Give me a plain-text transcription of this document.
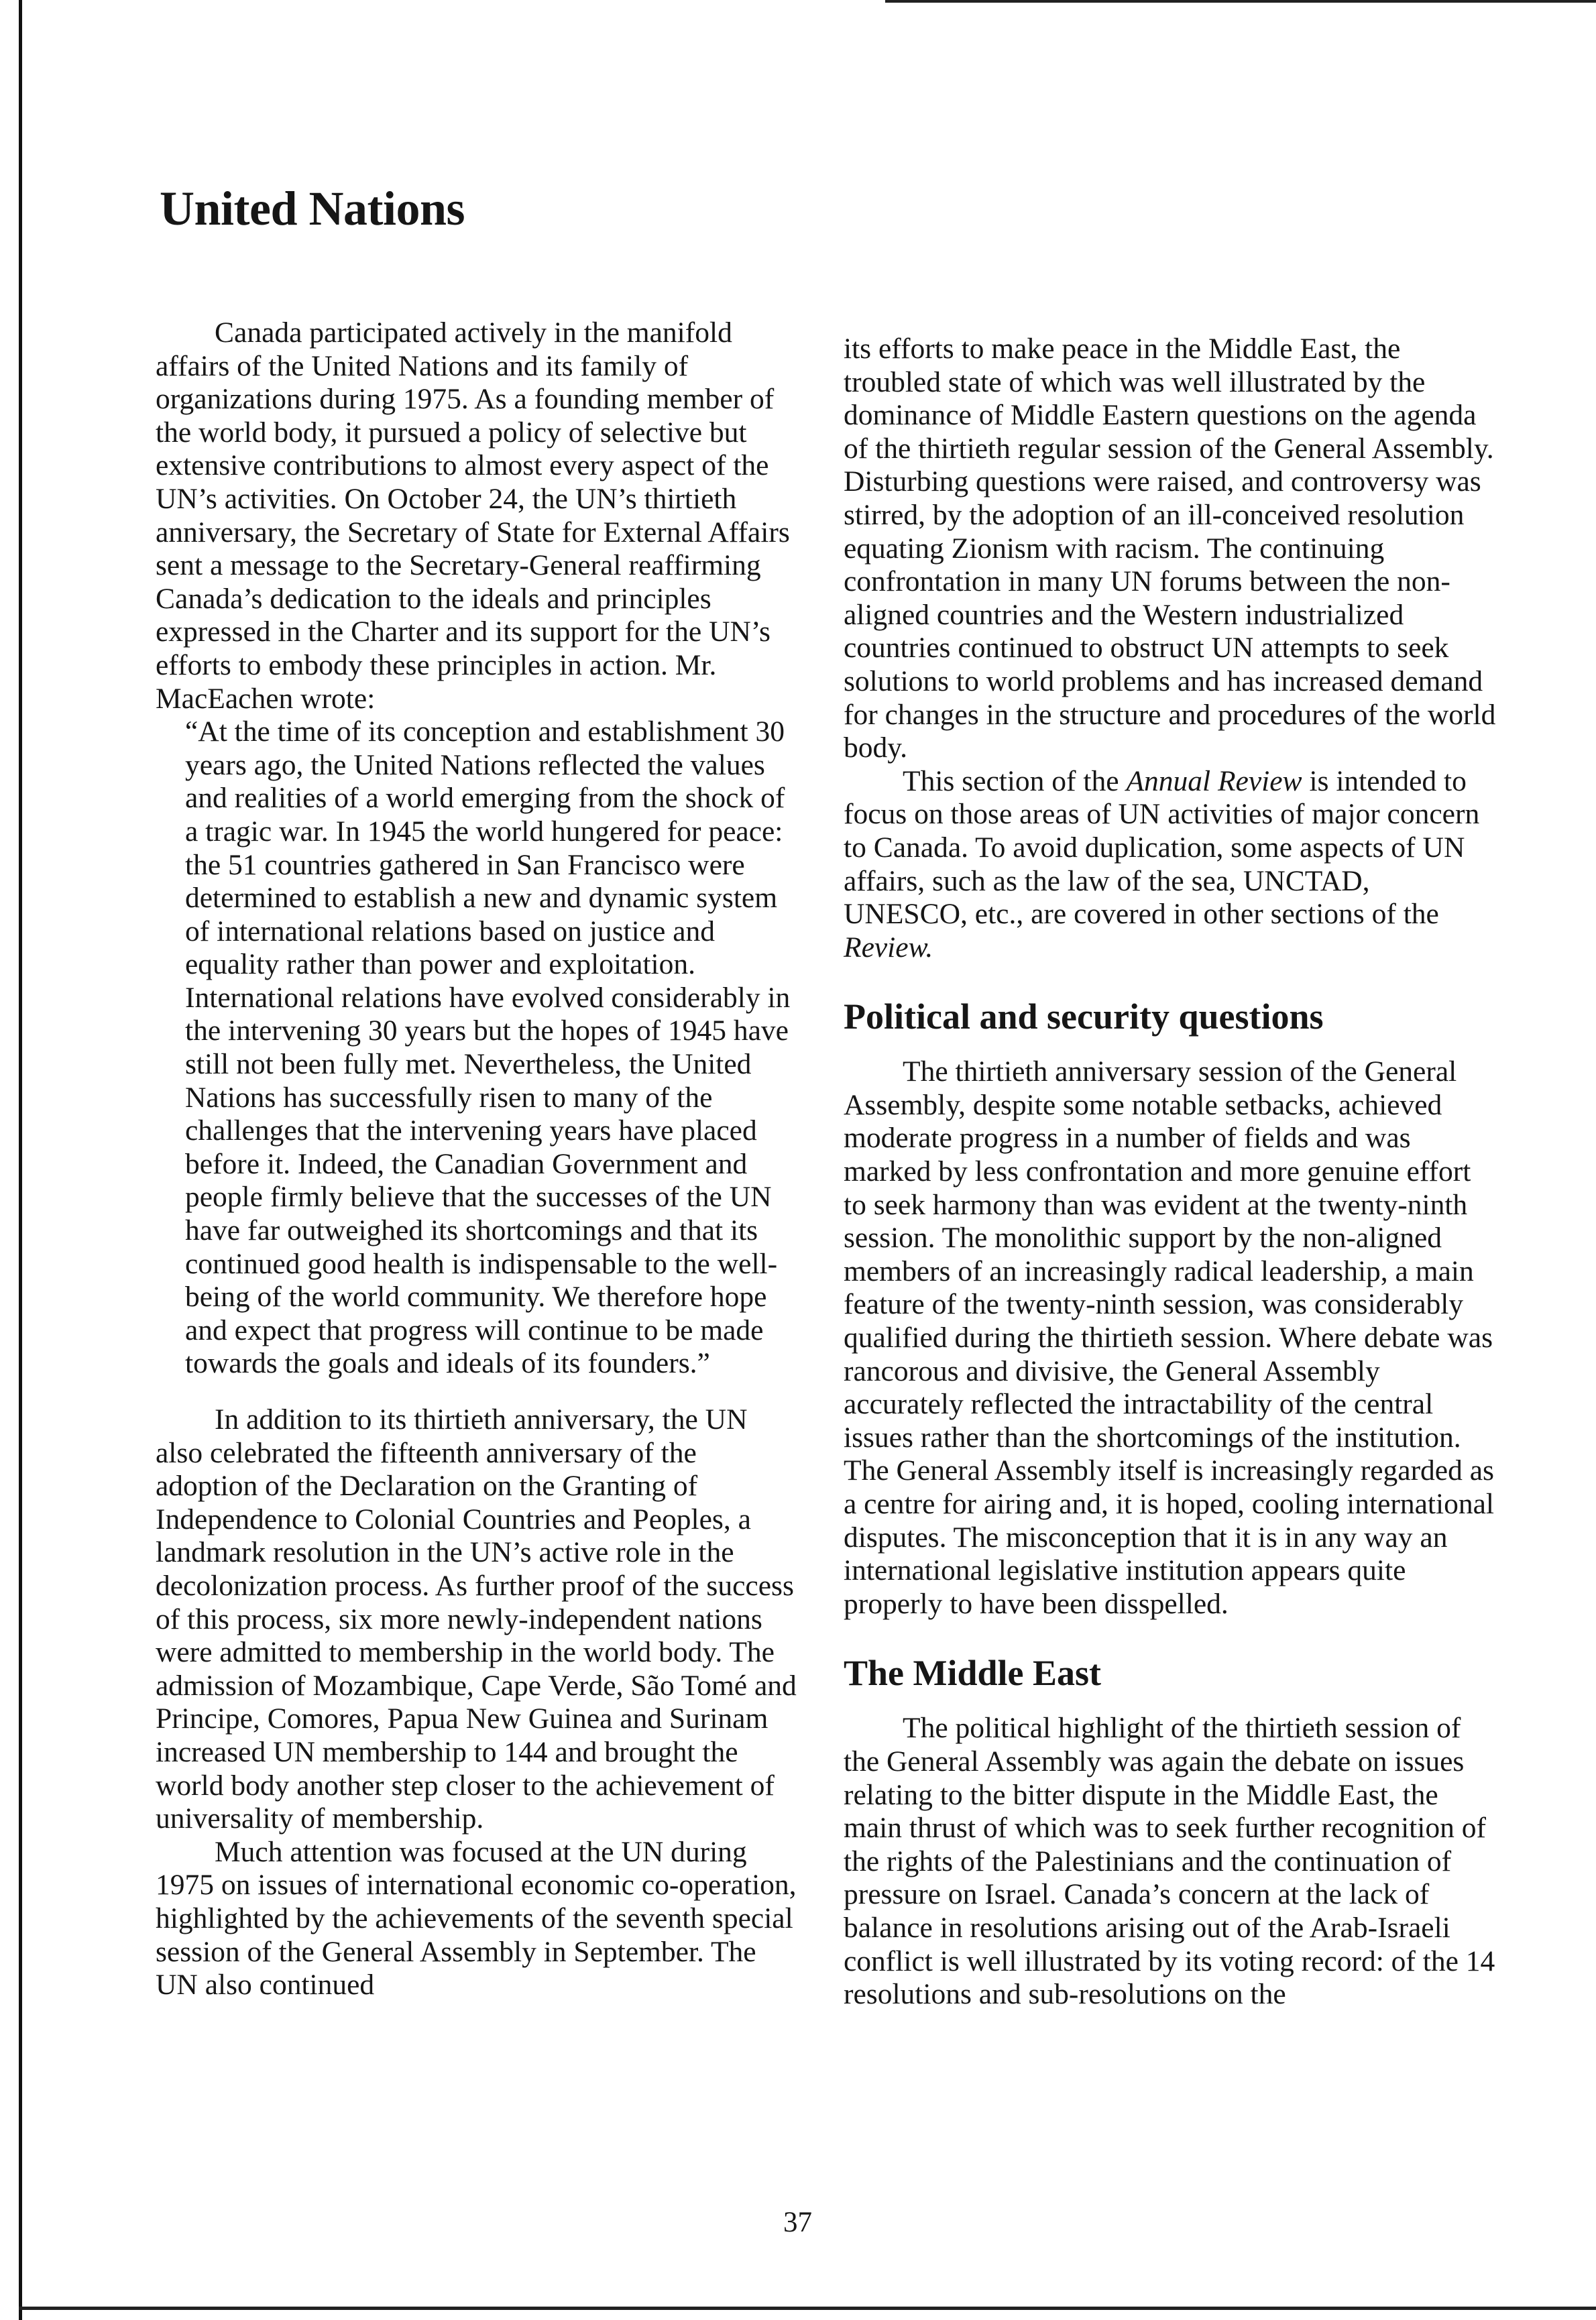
United Nations

Canada participated actively in the manifold affairs of the United Nations and its family of organizations during 1975. As a founding member of the world body, it pursued a policy of selective but extensive contributions to almost every aspect of the UN’s activities. On October 24, the UN’s thirtieth anniversary, the Secretary of State for External Affairs sent a message to the Secretary-General reaffirming Canada’s dedication to the ideals and principles expressed in the Charter and its support for the UN’s efforts to embody these principles in action. Mr. MacEachen wrote:

“At the time of its conception and establishment 30 years ago, the United Nations reflected the values and realities of a world emerging from the shock of a tragic war. In 1945 the world hungered for peace: the 51 countries gathered in San Francisco were determined to establish a new and dynamic system of international relations based on justice and equality rather than power and exploitation. International relations have evolved considerably in the intervening 30 years but the hopes of 1945 have still not been fully met. Nevertheless, the United Nations has successfully risen to many of the challenges that the intervening years have placed before it. Indeed, the Canadian Government and people firmly believe that the successes of the UN have far outweighed its shortcomings and that its continued good health is indispensable to the well-being of the world community. We therefore hope and expect that progress will continue to be made towards the goals and ideals of its founders.”

In addition to its thirtieth anniversary, the UN also celebrated the fifteenth anniversary of the adoption of the Declaration on the Granting of Independence to Colonial Countries and Peoples, a landmark resolution in the UN’s active role in the decolonization process. As further proof of the success of this process, six more newly-independent nations were admitted to membership in the world body. The admission of Mozambique, Cape Verde, São Tomé and Principe, Comores, Papua New Guinea and Surinam increased UN membership to 144 and brought the world body another step closer to the achievement of universality of membership.

Much attention was focused at the UN during 1975 on issues of international economic co-operation, highlighted by the achievements of the seventh special session of the General Assembly in September. The UN also continued

its efforts to make peace in the Middle East, the troubled state of which was well illustrated by the dominance of Middle Eastern questions on the agenda of the thirtieth regular session of the General Assembly. Disturbing questions were raised, and controversy was stirred, by the adoption of an ill-conceived resolution equating Zionism with racism. The continuing confrontation in many UN forums between the non-aligned countries and the Western industrialized countries continued to obstruct UN attempts to seek solutions to world problems and has increased demand for changes in the structure and procedures of the world body.

This section of the Annual Review is intended to focus on those areas of UN activities of major concern to Canada. To avoid duplication, some aspects of UN affairs, such as the law of the sea, UNCTAD, UNESCO, etc., are covered in other sections of the Review.

Political and security questions

The thirtieth anniversary session of the General Assembly, despite some notable setbacks, achieved moderate progress in a number of fields and was marked by less confrontation and more genuine effort to seek harmony than was evident at the twenty-ninth session. The monolithic support by the non-aligned members of an increasingly radical leadership, a main feature of the twenty-ninth session, was considerably qualified during the thirtieth session. Where debate was rancorous and divisive, the General Assembly accurately reflected the intractability of the central issues rather than the shortcomings of the institution. The General Assembly itself is increasingly regarded as a centre for airing and, it is hoped, cooling international disputes. The misconception that it is in any way an international legislative institution appears quite properly to have been disspelled.

The Middle East

The political highlight of the thirtieth session of the General Assembly was again the debate on issues relating to the bitter dispute in the Middle East, the main thrust of which was to seek further recognition of the rights of the Palestinians and the continuation of pressure on Israel. Canada’s concern at the lack of balance in resolutions arising out of the Arab-Israeli conflict is well illustrated by its voting record: of the 14 resolutions and sub-resolutions on the

37
